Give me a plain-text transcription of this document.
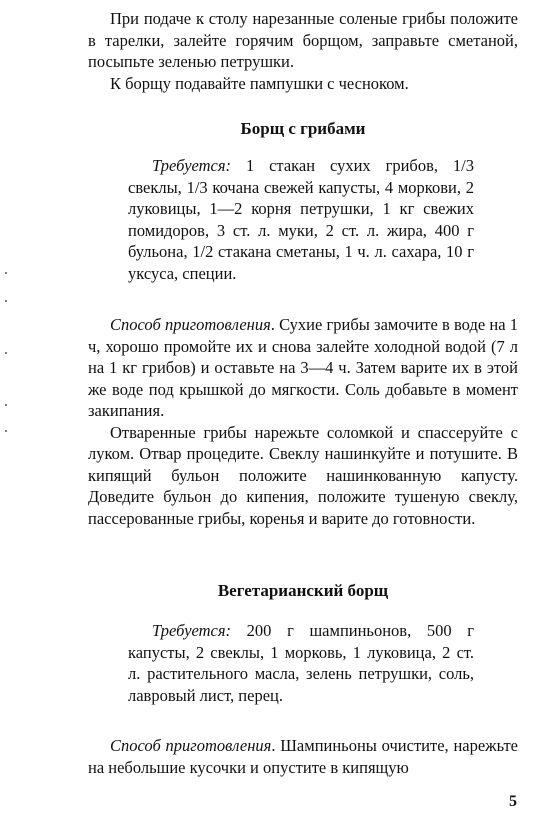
При подаче к столу нарезанные соленые грибы положите в тарелки, залейте горячим борщом, заправьте сметаной, посыпьте зеленью петрушки.

К борщу подавайте пампушки с чесноком.

Борщ с грибами

Требуется: 1 стакан сухих грибов, 1/3 свеклы, 1/3 кочана свежей капусты, 4 моркови, 2 луковицы, 1—2 корня петрушки, 1 кг свежих помидоров, 3 ст. л. муки, 2 ст. л. жира, 400 г бульона, 1/2 стакана сметаны, 1 ч. л. сахара, 10 г уксуса, специи.

Способ приготовления. Сухие грибы замочите в воде на 1 ч, хорошо промойте их и снова залейте холодной водой (7 л на 1 кг грибов) и оставьте на 3—4 ч. Затем варите их в этой же воде под крышкой до мягкости. Соль добавьте в момент закипания.

Отваренные грибы нарежьте соломкой и спассеруйте с луком. Отвар процедите. Свеклу нашинкуйте и потушите. В кипящий бульон положите нашинкованную капусту. Доведите бульон до кипения, положите тушеную свеклу, пассерованные грибы, коренья и варите до готовности.

Вегетарианский борщ

Требуется: 200 г шампиньонов, 500 г капусты, 2 свеклы, 1 морковь, 1 луковица, 2 ст. л. растительного масла, зелень петрушки, соль, лавровый лист, перец.

Способ приготовления. Шампиньоны очистите, нарежьте на небольшие кусочки и опустите в кипящую

5
